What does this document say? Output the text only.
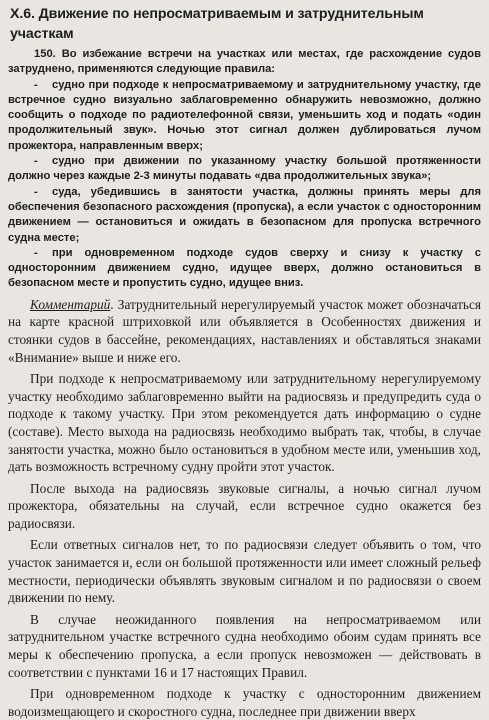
X.6. Движение по непросматриваемым и затруднительным участкам

150. Во избежание встречи на участках или местах, где расхождение судов затруднено, применяются следующие правила:

- судно при подходе к непросматриваемому и затруднительному участку, где встречное судно визуально заблаговременно обнаружить невозможно, должно сообщить о подходе по радиотелефонной связи, уменьшить ход и подать «один продолжительный звук». Ночью этот сигнал должен дублироваться лучом прожектора, направленным вверх;

- судно при движении по указанному участку большой протяженности должно через каждые 2-3 минуты подавать «два продолжительных звука»;

- суда, убедившись в занятости участка, должны принять меры для обеспечения безопасного расхождения (пропуска), а если участок с односторонним движением — остановиться и ожидать в безопасном для пропуска встречного судна месте;

- при одновременном подходе судов сверху и снизу к участку с односторонним движением судно, идущее вверх, должно остановиться в безопасном месте и пропустить судно, идущее вниз.

Комментарий. Затруднительный нерегулируемый участок может обозначаться на карте красной штриховкой или объявляется в Особенностях движения и стоянки судов в бассейне, рекомендациях, наставлениях и обставляться знаками «Внимание» выше и ниже его.

При подходе к непросматриваемому или затруднительному нерегулируемому участку необходимо заблаговременно выйти на радиосвязь и предупредить суда о подходе к такому участку. При этом рекомендуется дать информацию о судне (составе). Место выхода на радиосвязь необходимо выбрать так, чтобы, в случае занятости участка, можно было остановиться в удобном месте или, уменьшив ход, дать возможность встречному судну пройти этот участок.

После выхода на радиосвязь звуковые сигналы, а ночью сигнал лучом прожектора, обязательны на случай, если встречное судно окажется без радиосвязи.

Если ответных сигналов нет, то по радиосвязи следует объявить о том, что участок занимается и, если он большой протяженности или имеет сложный рельеф местности, периодически объявлять звуковым сигналом и по радиосвязи о своем движении по нему.

В случае неожиданного появления на непросматриваемом или затруднительном участке встречного судна необходимо обоим судам принять все меры к обеспечению пропуска, а если пропуск невозможен — действовать в соответствии с пунктами 16 и 17 настоящих Правил.

При одновременном подходе к участку с односторонним движением водоизмещающего и скоростного судна, последнее при движении вверх
